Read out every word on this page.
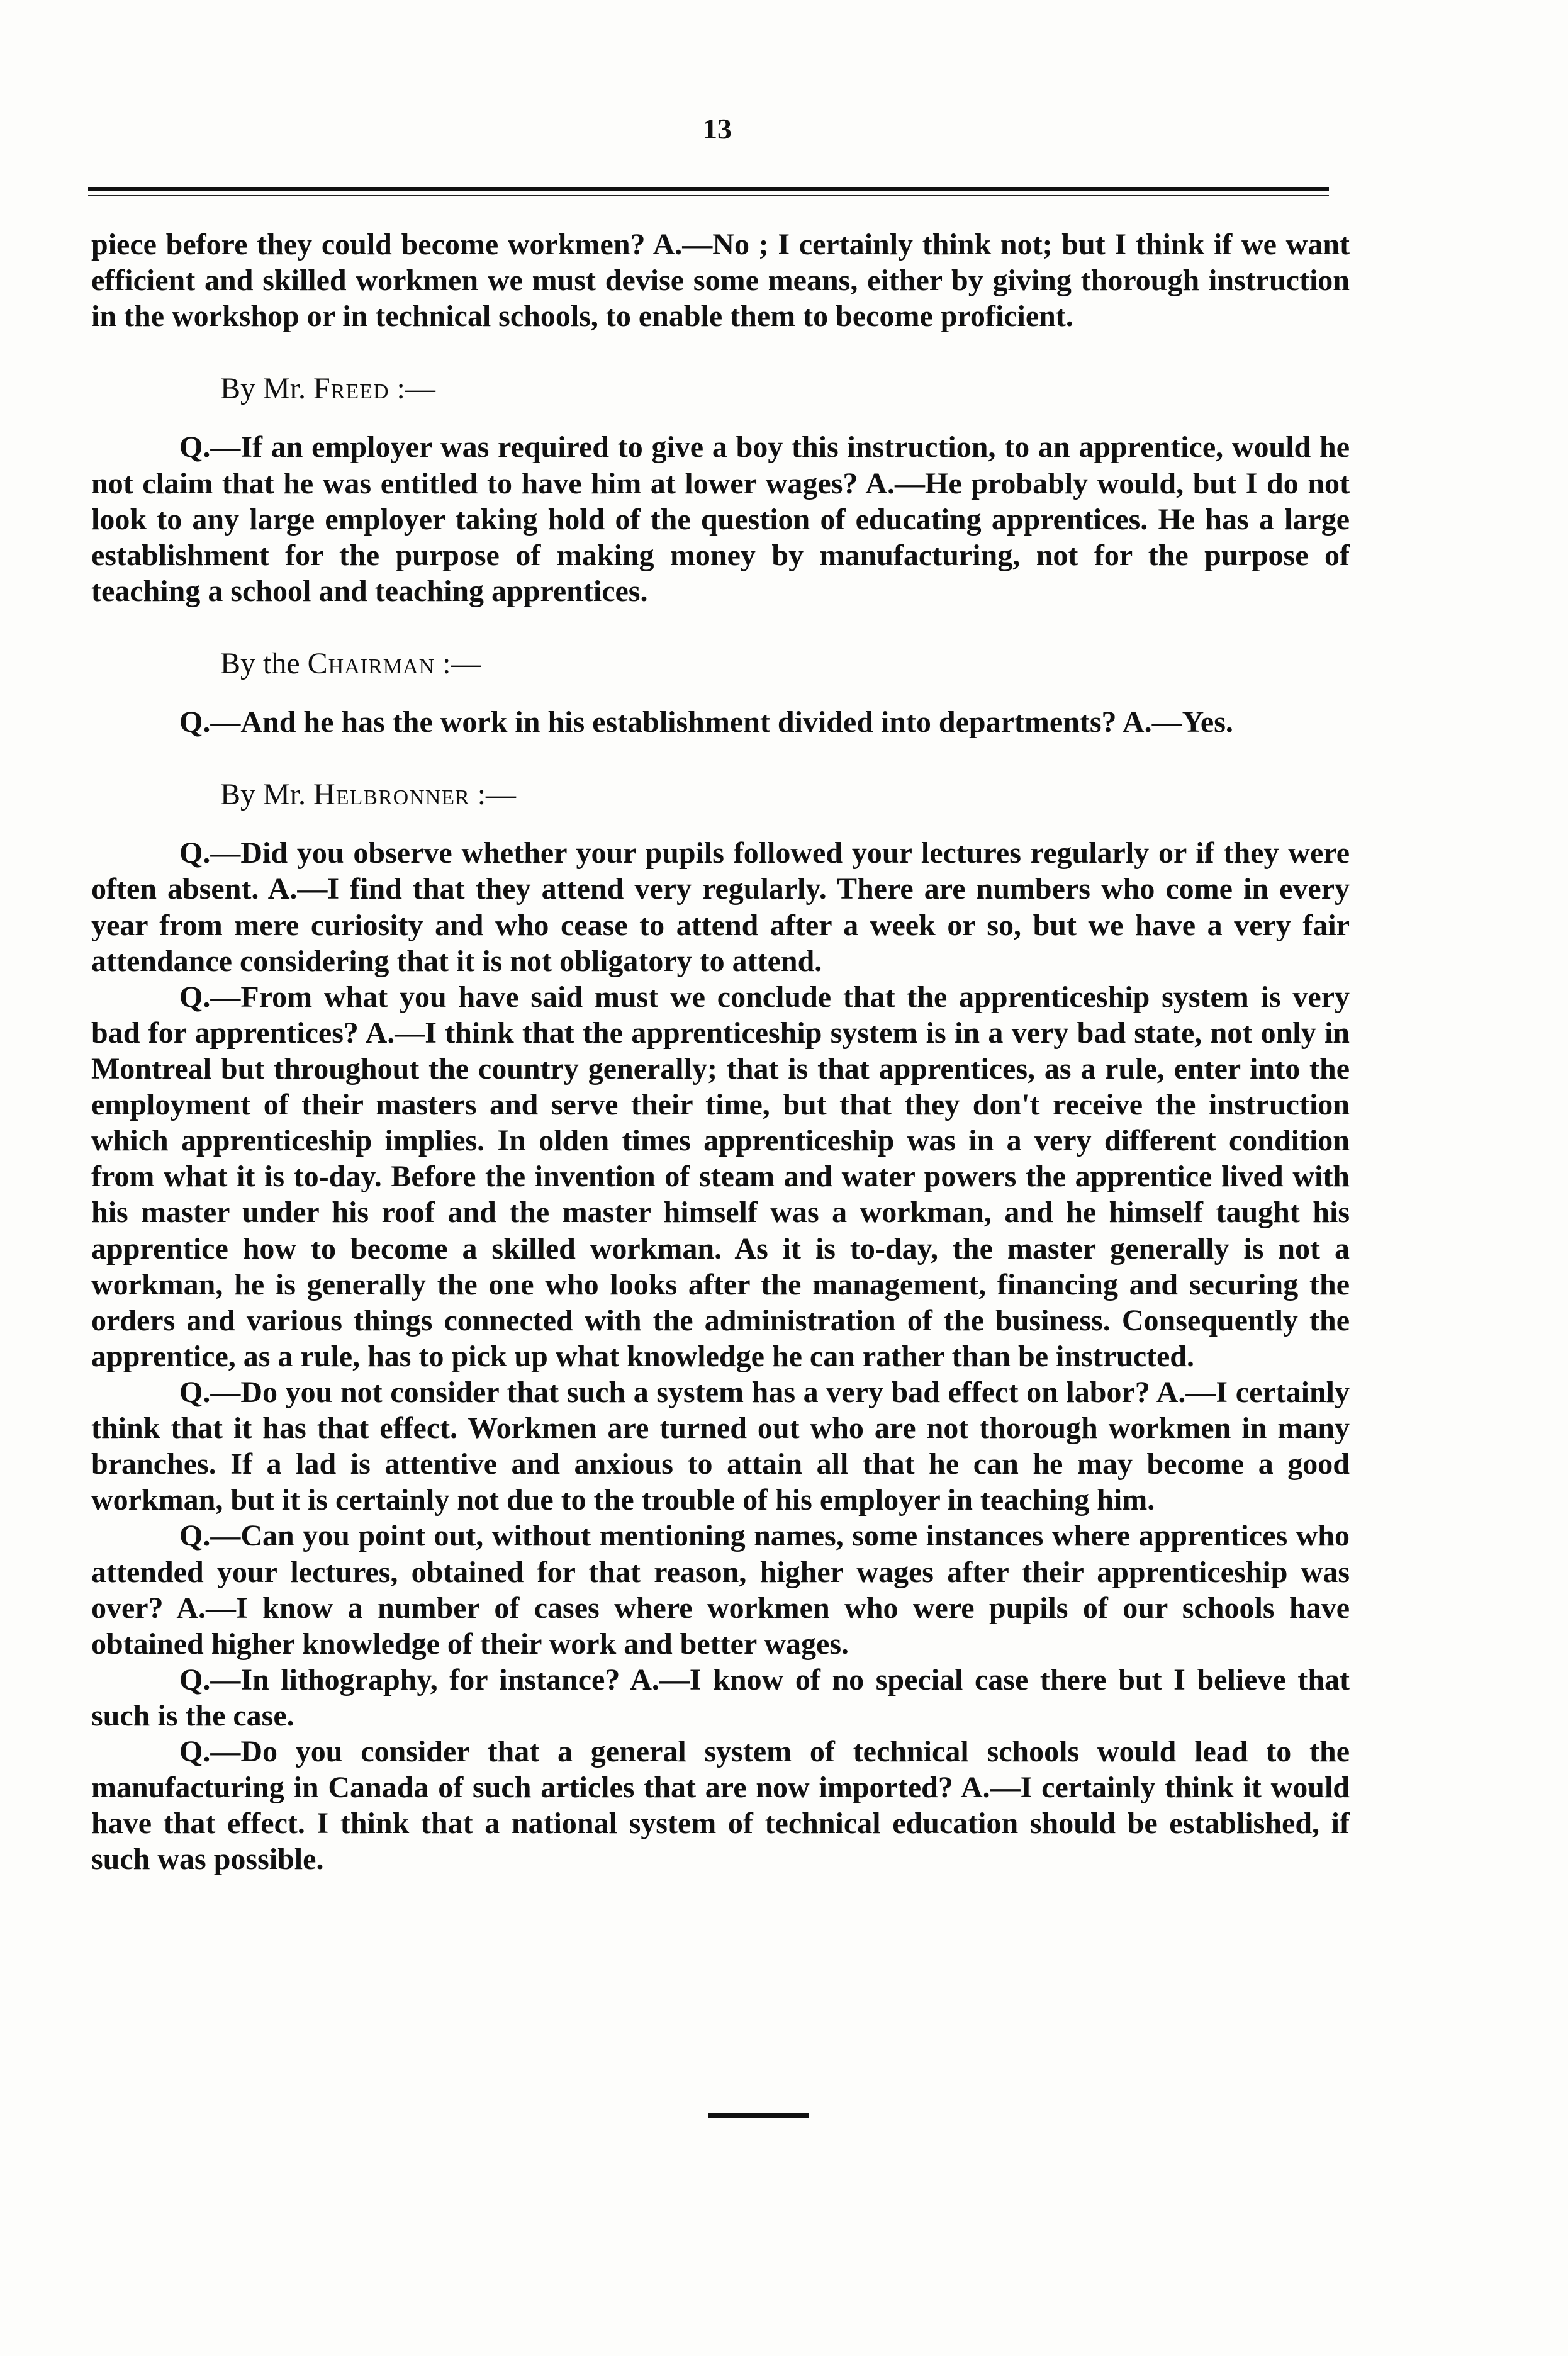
13

piece before they could become workmen? A.—No ; I certainly think not; but I think if we want efficient and skilled workmen we must devise some means, either by giving thorough instruction in the workshop or in technical schools, to enable them to become proficient.

By Mr. Freed :—

Q.—If an employer was required to give a boy this instruction, to an apprentice, would he not claim that he was entitled to have him at lower wages? A.—He probably would, but I do not look to any large employer taking hold of the question of educating apprentices. He has a large establishment for the purpose of making money by manufacturing, not for the purpose of teaching a school and teaching apprentices.

By the Chairman :—

Q.—And he has the work in his establishment divided into departments? A.—Yes.

By Mr. Helbronner :—

Q.—Did you observe whether your pupils followed your lectures regularly or if they were often absent. A.—I find that they attend very regularly. There are numbers who come in every year from mere curiosity and who cease to attend after a week or so, but we have a very fair attendance considering that it is not obligatory to attend.

Q.—From what you have said must we conclude that the apprenticeship system is very bad for apprentices? A.—I think that the apprenticeship system is in a very bad state, not only in Montreal but throughout the country generally; that is that apprentices, as a rule, enter into the employment of their masters and serve their time, but that they don't receive the instruction which apprenticeship implies. In olden times apprenticeship was in a very different condition from what it is to-day. Before the invention of steam and water powers the apprentice lived with his master under his roof and the master himself was a workman, and he himself taught his apprentice how to become a skilled workman. As it is to-day, the master generally is not a workman, he is generally the one who looks after the management, financing and securing the orders and various things connected with the administration of the business. Consequently the apprentice, as a rule, has to pick up what knowledge he can rather than be instructed.

Q.—Do you not consider that such a system has a very bad effect on labor? A.—I certainly think that it has that effect. Workmen are turned out who are not thorough workmen in many branches. If a lad is attentive and anxious to attain all that he can he may become a good workman, but it is certainly not due to the trouble of his employer in teaching him.

Q.—Can you point out, without mentioning names, some instances where apprentices who attended your lectures, obtained for that reason, higher wages after their apprenticeship was over? A.—I know a number of cases where workmen who were pupils of our schools have obtained higher knowledge of their work and better wages.

Q.—In lithography, for instance? A.—I know of no special case there but I believe that such is the case.

Q.—Do you consider that a general system of technical schools would lead to the manufacturing in Canada of such articles that are now imported? A.—I certainly think it would have that effect. I think that a national system of technical education should be established, if such was possible.
